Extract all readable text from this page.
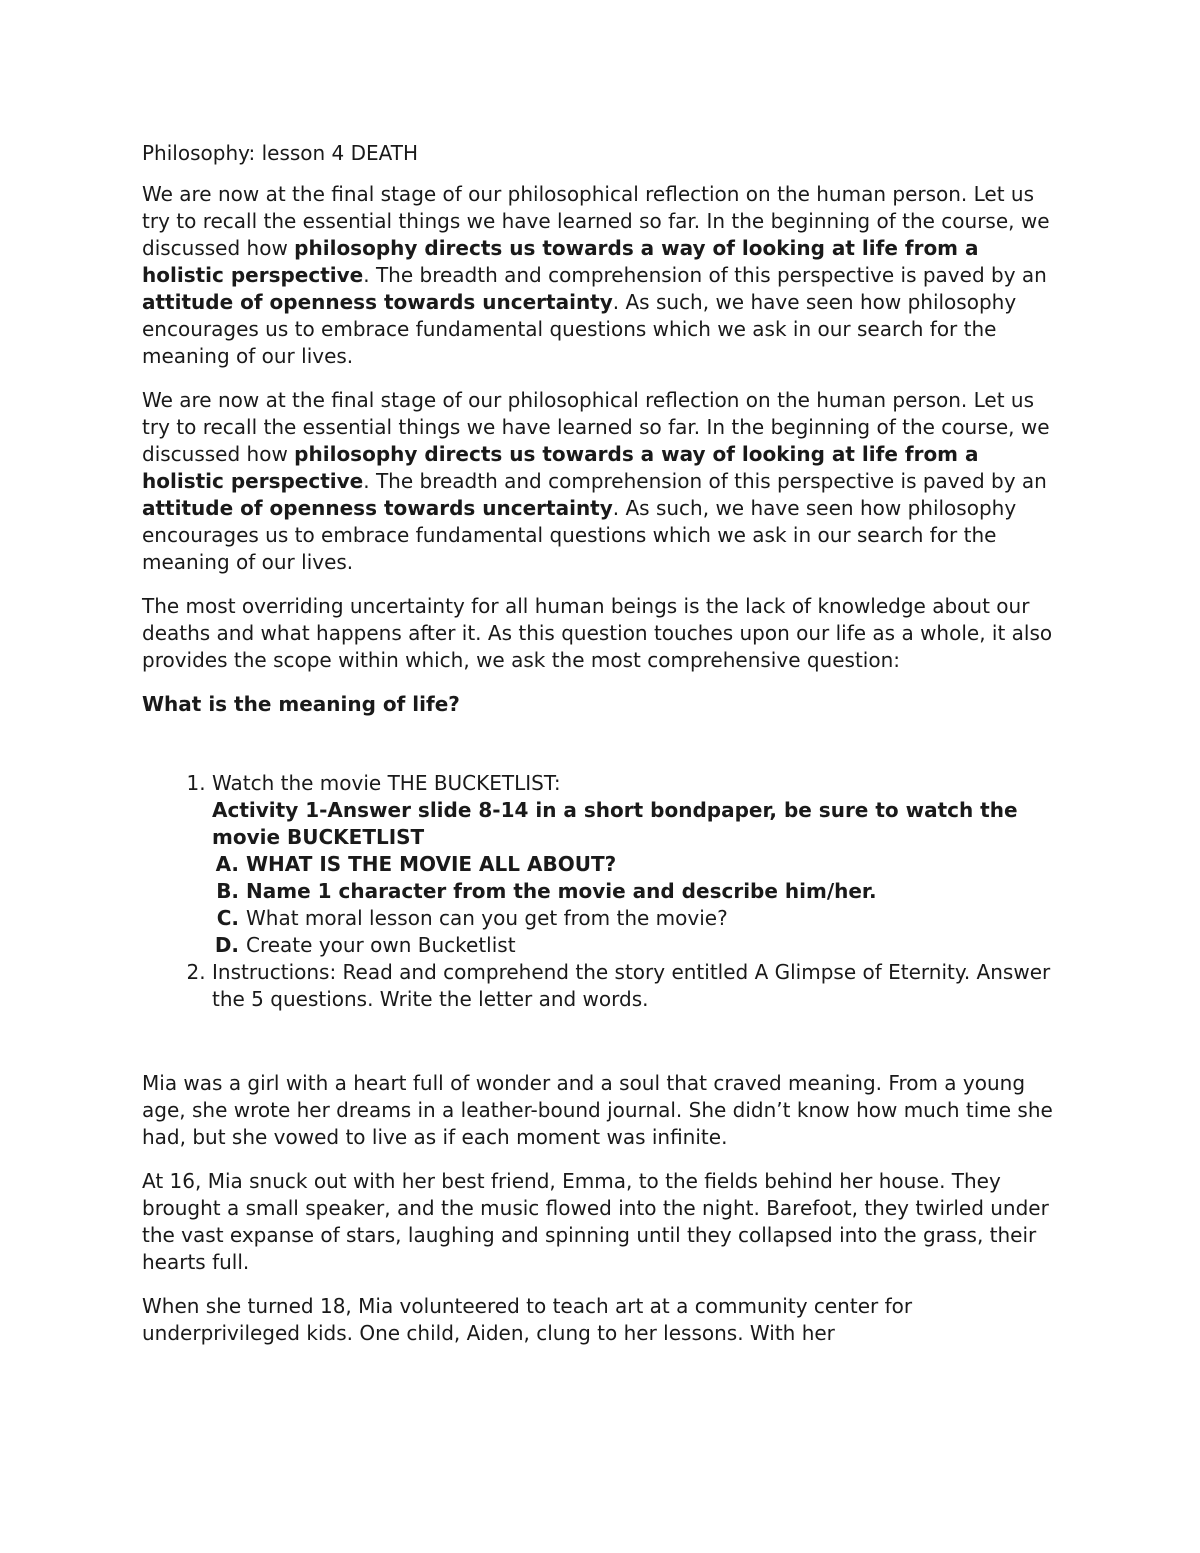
Philosophy: lesson 4 DEATH

We are now at the final stage of our philosophical reflection on the human person. Let us try to recall the essential things we have learned so far. In the beginning of the course, we discussed how philosophy directs us towards a way of looking at life from a holistic perspective. The breadth and comprehension of this perspective is paved by an attitude of openness towards uncertainty. As such, we have seen how philosophy encourages us to embrace fundamental questions which we ask in our search for the meaning of our lives.

We are now at the final stage of our philosophical reflection on the human person. Let us try to recall the essential things we have learned so far. In the beginning of the course, we discussed how philosophy directs us towards a way of looking at life from a holistic perspective. The breadth and comprehension of this perspective is paved by an attitude of openness towards uncertainty. As such, we have seen how philosophy encourages us to embrace fundamental questions which we ask in our search for the meaning of our lives.

The most overriding uncertainty for all human beings is the lack of knowledge about our deaths and what happens after it. As this question touches upon our life as a whole, it also provides the scope within which, we ask the most comprehensive question:

What is the meaning of life?

1. Watch the movie THE BUCKETLIST:
Activity 1-Answer slide 8-14 in a short bondpaper, be sure to watch the movie BUCKETLIST
A. WHAT IS THE MOVIE ALL ABOUT?
B. Name 1 character from the movie and describe him/her.
C. What moral lesson can you get from the movie?
D. Create your own Bucketlist
2. Instructions: Read and comprehend the story entitled A Glimpse of Eternity. Answer the 5 questions. Write the letter and words.

Mia was a girl with a heart full of wonder and a soul that craved meaning. From a young age, she wrote her dreams in a leather-bound journal. She didn’t know how much time she had, but she vowed to live as if each moment was infinite.

At 16, Mia snuck out with her best friend, Emma, to the fields behind her house. They brought a small speaker, and the music flowed into the night. Barefoot, they twirled under the vast expanse of stars, laughing and spinning until they collapsed into the grass, their hearts full.

When she turned 18, Mia volunteered to teach art at a community center for underprivileged kids. One child, Aiden, clung to her lessons. With her
